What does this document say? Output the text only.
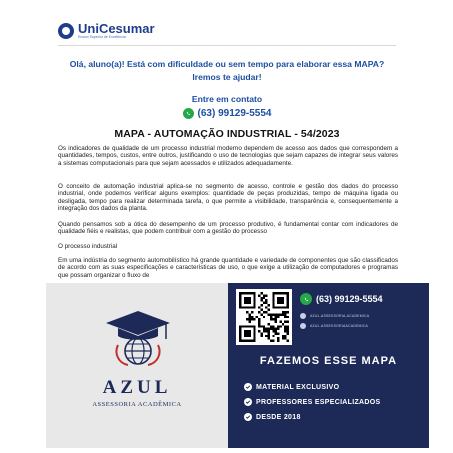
UniCesumar
Ensino Superior de Excelência
Olá, aluno(a)! Está com dificuldade ou sem tempo para elaborar essa MAPA? Iremos te ajudar!
Entre em contato
(63) 99129-5554
MAPA - AUTOMAÇÃO INDUSTRIAL - 54/2023

Os indicadores de qualidade de um processo industrial moderno dependem de acesso aos dados que correspondem a quantidades, tempos, custos, entre outros, justificando o uso de tecnologias que sejam capazes de integrar seus valores a sistemas computacionais para que sejam acessados e utilizados adequadamente.

O conceito de automação industrial aplica-se no segmento de acesso, controle e gestão dos dados do processo industrial, onde podemos verificar alguns exemplos: quantidade de peças produzidas, tempo de máquina ligada ou desligada, tempo para realizar determinada tarefa, o que permite a visibilidade, transparência e, consequentemente a integração dos dados da planta.

Quando pensamos sob a ótica do desempenho de um processo produtivo, é fundamental contar com indicadores de qualidade fiéis e realistas, que podem contribuir com a gestão do processo

O processo industrial

Em uma indústria do segmento automobilístico há grande quantidade e variedade de componentes que são classificados de acordo com as suas especificações e características de uso, o que exige a utilização de computadores e programas que possam organizar o fluxo de

AZUL
ASSESSORIA ACADÊMICA
(63) 99129-5554
AZUL.ASSESSORIA.ACADEMICA
AZUL.ASSESSORIAACADEMICA
FAZEMOS ESSE MAPA
MATERIAL EXCLUSIVO
PROFESSORES ESPECIALIZADOS
DESDE 2018
